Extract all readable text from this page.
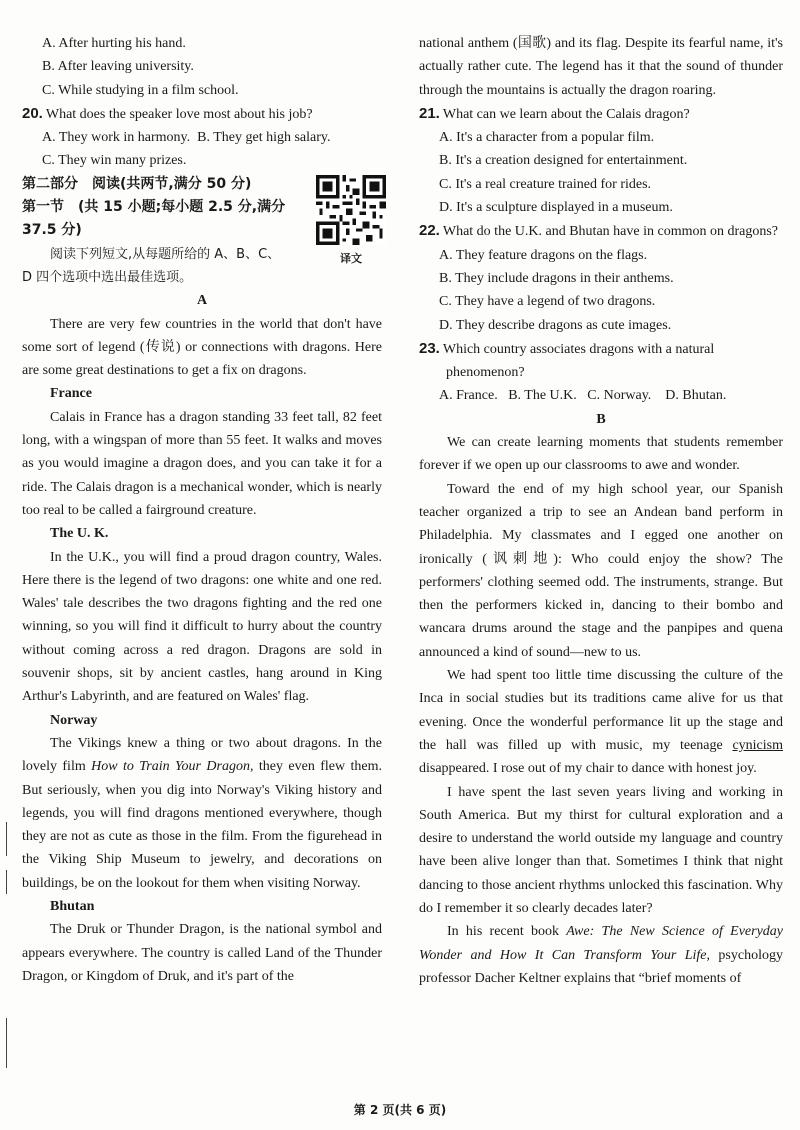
A. After hurting his hand.

B. After leaving university.

C. While studying in a film school.

20. What does the speaker love most about his job?

A. They work in harmony.  B. They get high salary.

C. They win many prizes.

第二部分　阅读(共两节,满分 50 分)

第一节　(共 15 小题;每小题 2.5 分,满分

37.5 分)

阅读下列短文,从每题所给的 A、B、C、

D 四个选项中选出最佳选项。

译文

A

There are very few countries in the world that don't have some sort of legend (传说) or connections with dragons. Here are some great destinations to get a fix on dragons.

France

Calais in France has a dragon standing 33 feet tall, 82 feet long, with a wingspan of more than 55 feet. It walks and moves as you would imagine a dragon does, and you can take it for a ride. The Calais dragon is a mechanical wonder, which is nearly too real to be called a fairground creature.

The U. K.

In the U.K., you will find a proud dragon country, Wales. Here there is the legend of two dragons: one white and one red. Wales' tale describes the two dragons fighting and the red one winning, so you will find it difficult to hurry about the country without coming across a red dragon. Dragons are sold in souvenir shops, sit by ancient castles, hang around in King Arthur's Labyrinth, and are featured on Wales' flag.

Norway

The Vikings knew a thing or two about dragons. In the lovely film How to Train Your Dragon, they even flew them. But seriously, when you dig into Norway's Viking history and legends, you will find dragons mentioned everywhere, though they are not as cute as those in the film. From the figurehead in the Viking Ship Museum to jewelry, and decorations on buildings, be on the lookout for them when visiting Norway.

Bhutan

The Druk or Thunder Dragon, is the national symbol and appears everywhere. The country is called Land of the Thunder Dragon, or Kingdom of Druk, and it's part of the

national anthem (国歌) and its flag. Despite its fearful name, it's actually rather cute. The legend has it that the sound of thunder through the mountains is actually the dragon roaring.

21. What can we learn about the Calais dragon?

A. It's a character from a popular film.

B. It's a creation designed for entertainment.

C. It's a real creature trained for rides.

D. It's a sculpture displayed in a museum.

22. What do the U.K. and Bhutan have in common on dragons?

A. They feature dragons on the flags.

B. They include dragons in their anthems.

C. They have a legend of two dragons.

D. They describe dragons as cute images.

23. Which country associates dragons with a natural phenomenon?

A. France.   B. The U.K.   C. Norway.    D. Bhutan.

B

We can create learning moments that students remember forever if we open up our classrooms to awe and wonder.

Toward the end of my high school year, our Spanish teacher organized a trip to see an Andean band perform in Philadelphia. My classmates and I egged one another on ironically (讽刺地): Who could enjoy the show? The performers' clothing seemed odd. The instruments, strange. But then the performers kicked in, dancing to their bombo and wancara drums around the stage and the panpipes and quena announced a kind of sound—new to us.

We had spent too little time discussing the culture of the Inca in social studies but its traditions came alive for us that evening. Once the wonderful performance lit up the stage and the hall was filled up with music, my teenage cynicism disappeared. I rose out of my chair to dance with honest joy.

I have spent the last seven years living and working in South America. But my thirst for cultural exploration and a desire to understand the world outside my language and country have been alive longer than that. Sometimes I think that night dancing to those ancient rhythms unlocked this fascination. Why do I remember it so clearly decades later?

In his recent book Awe: The New Science of Everyday Wonder and How It Can Transform Your Life, psychology professor Dacher Keltner explains that “brief moments of

第 2 页(共 6 页)
